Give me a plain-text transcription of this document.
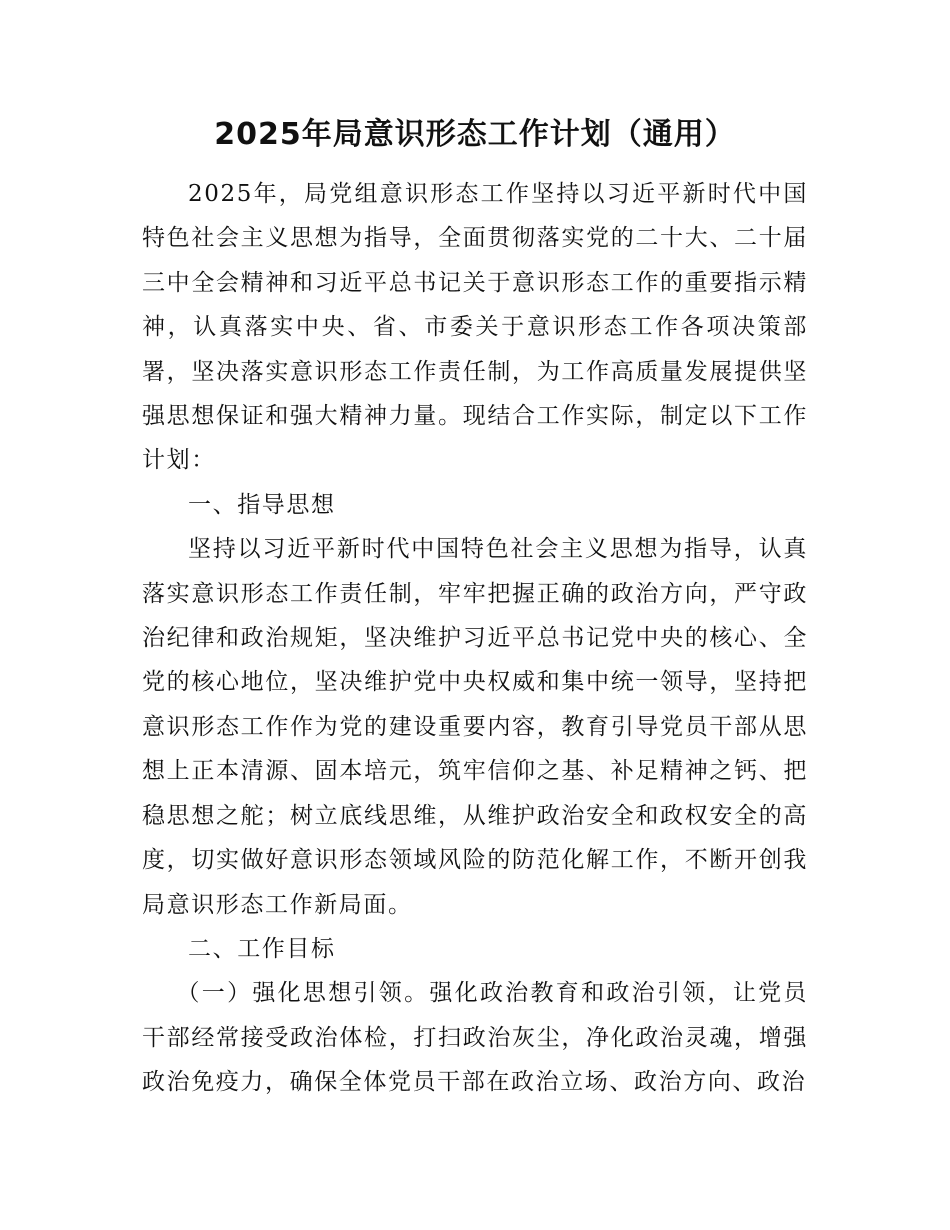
2025年局意识形态工作计划（通用）

2025年，局党组意识形态工作坚持以习近平新时代中国特色社会主义思想为指导，全面贯彻落实党的二十大、二十届三中全会精神和习近平总书记关于意识形态工作的重要指示精神，认真落实中央、省、市委关于意识形态工作各项决策部署，坚决落实意识形态工作责任制，为工作高质量发展提供坚强思想保证和强大精神力量。现结合工作实际，制定以下工作计划：

一、指导思想

坚持以习近平新时代中国特色社会主义思想为指导，认真落实意识形态工作责任制，牢牢把握正确的政治方向，严守政治纪律和政治规矩，坚决维护习近平总书记党中央的核心、全党的核心地位，坚决维护党中央权威和集中统一领导，坚持把意识形态工作作为党的建设重要内容，教育引导党员干部从思想上正本清源、固本培元，筑牢信仰之基、补足精神之钙、把稳思想之舵；树立底线思维，从维护政治安全和政权安全的高度，切实做好意识形态领域风险的防范化解工作，不断开创我局意识形态工作新局面。

二、工作目标

（一）强化思想引领。强化政治教育和政治引领，让党员干部经常接受政治体检，打扫政治灰尘，净化政治灵魂，增强政治免疫力，确保全体党员干部在政治立场、政治方向、政治
